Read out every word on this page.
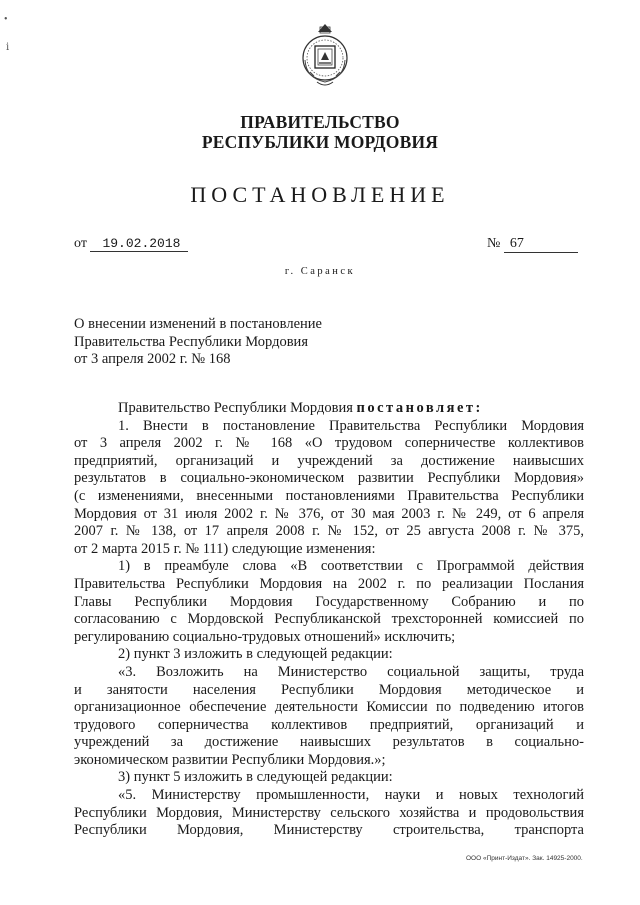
•
ⅰ
ПРАВИТЕЛЬСТВО
РЕСПУБЛИКИ МОРДОВИЯ
ПОСТАНОВЛЕНИЕ
от 19.02.2018	№ 67
г. Саранск
О внесении изменений в постановление
Правительства Республики Мордовия
от 3 апреля 2002 г. № 168
Правительство Республики Мордовия постановляет:
1. Внести в постановление Правительства Республики Мордовия
от 3 апреля 2002 г. № 168 «О трудовом соперничестве коллективов
предприятий, организаций и учреждений за достижение наивысших
результатов в социально-экономическом развитии Республики Мордовия»
(с изменениями, внесенными постановлениями Правительства Республики
Мордовия от 31 июля 2002 г. № 376, от 30 мая 2003 г. № 249, от 6 апреля
2007 г. № 138, от 17 апреля 2008 г. № 152, от 25 августа 2008 г. № 375,
от 2 марта 2015 г. № 111) следующие изменения:
1) в преамбуле слова «В соответствии с Программой действия
Правительства Республики Мордовия на 2002 г. по реализации Послания
Главы Республики Мордовия Государственному Собранию и по
согласованию с Мордовской Республиканской трехсторонней комиссией по
регулированию социально-трудовых отношений» исключить;
2) пункт 3 изложить в следующей редакции:
«3. Возложить на Министерство социальной защиты, труда
и занятости населения Республики Мордовия методическое и
организационное обеспечение деятельности Комиссии по подведению итогов
трудового соперничества коллективов предприятий, организаций и
учреждений за достижение наивысших результатов в социально-
экономическом развитии Республики Мордовия.»;
3) пункт 5 изложить в следующей редакции:
«5. Министерству промышленности, науки и новых технологий
Республики Мордовия, Министерству сельского хозяйства и продовольствия
Республики Мордовия, Министерству строительства, транспорта
ООО «Принт-Издат». Зак. 14925-2000.
